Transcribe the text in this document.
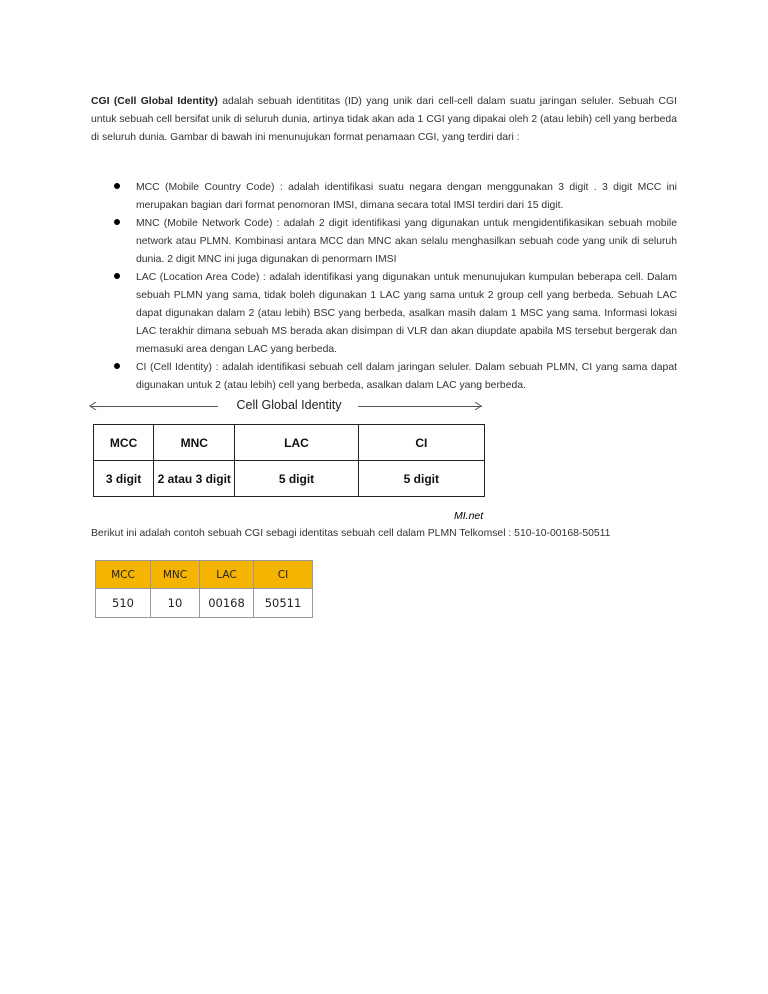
CGI (Cell Global Identity) adalah sebuah identititas (ID) yang unik dari cell-cell dalam suatu jaringan seluler. Sebuah CGI untuk sebuah cell bersifat unik di seluruh dunia, artinya tidak akan ada 1 CGI yang dipakai oleh 2 (atau lebih) cell yang berbeda di seluruh dunia. Gambar di bawah ini menunujukan format penamaan CGI, yang terdiri dari :

MCC (Mobile Country Code) : adalah identifikasi suatu negara dengan menggunakan 3 digit . 3 digit MCC ini merupakan bagian dari format penomoran IMSI, dimana secara total IMSI terdiri dari 15 digit.
MNC (Mobile Network Code) : adalah 2 digit identifikasi yang digunakan untuk mengidentifikasikan sebuah mobile network atau PLMN. Kombinasi antara MCC dan MNC akan selalu menghasilkan sebuah code yang unik di seluruh dunia. 2 digit MNC ini juga digunakan di penormarn IMSI
LAC (Location Area Code) : adalah identifikasi yang digunakan untuk menunujukan kumpulan beberapa cell. Dalam sebuah PLMN yang sama, tidak boleh digunakan 1 LAC yang sama untuk 2 group cell yang berbeda. Sebuah LAC dapat digunakan dalam 2 (atau lebih) BSC yang berbeda, asalkan masih dalam 1 MSC yang sama. Informasi lokasi LAC terakhir dimana sebuah MS berada akan disimpan di VLR dan akan diupdate apabila MS tersebut bergerak dan memasuki area dengan LAC yang berbeda.
CI (Cell Identity) : adalah identifikasi sebuah cell dalam jaringan seluler. Dalam sebuah PLMN, CI yang sama dapat digunakan untuk 2 (atau lebih) cell yang berbeda, asalkan dalam LAC yang berbeda.
Cell Global Identity
MCC	MNC	LAC	CI
3 digit	2 atau 3 digit	5 digit	5 digit
MI.net

Berikut ini adalah contoh sebuah CGI sebagi identitas sebuah cell dalam PLMN Telkomsel : 510-10-00168-50511

MCC	MNC	LAC	CI
510	10	00168	50511
